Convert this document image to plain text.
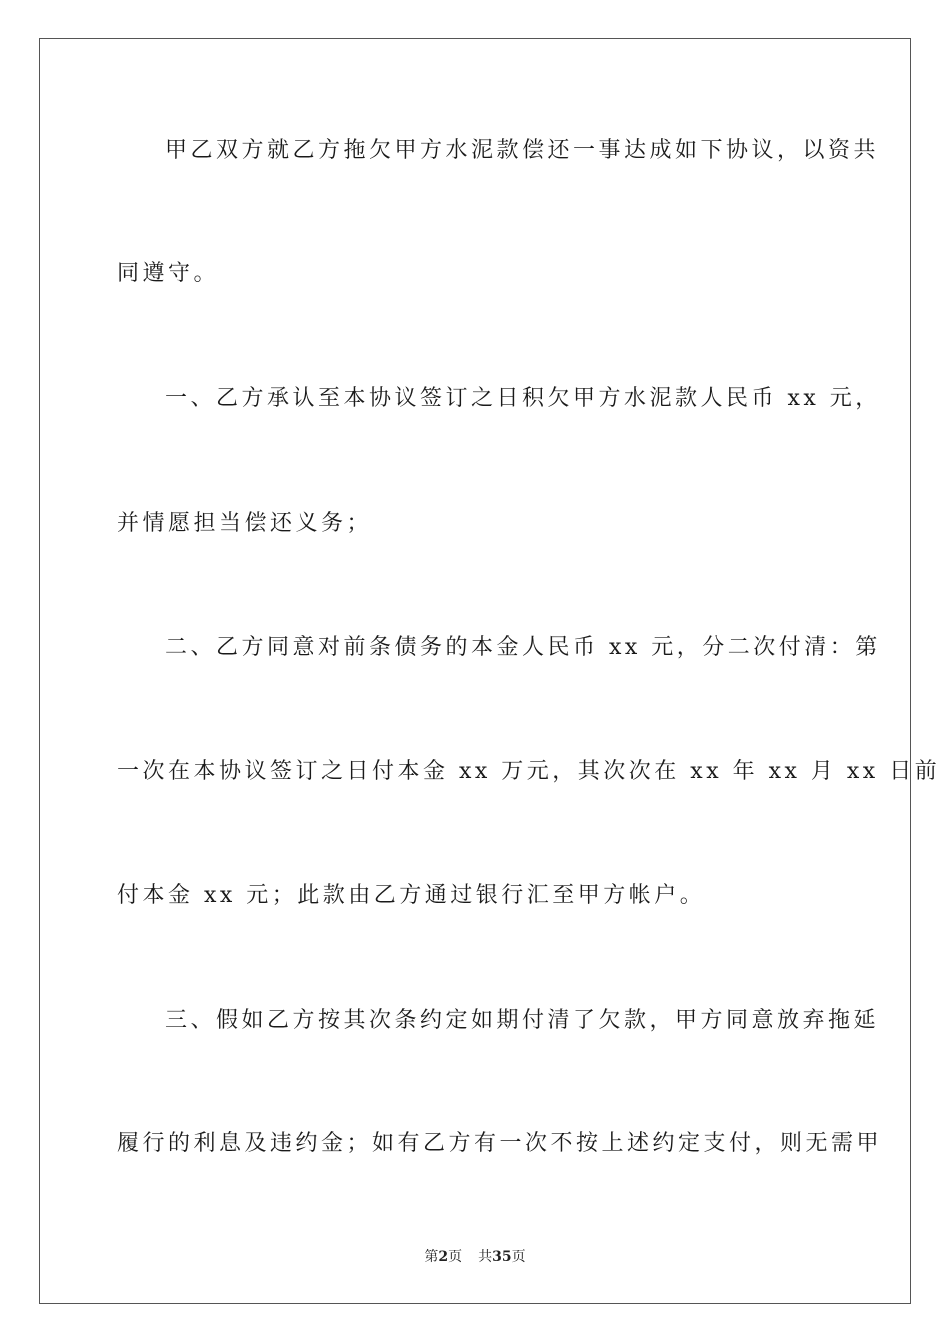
甲乙双方就乙方拖欠甲方水泥款偿还一事达成如下协议，以资共

同遵守。

一、乙方承认至本协议签订之日积欠甲方水泥款人民币 xx 元，

并情愿担当偿还义务；

二、乙方同意对前条债务的本金人民币 xx 元，分二次付清：第

一次在本协议签订之日付本金 xx 万元，其次次在 xx 年 xx 月 xx 日前

付本金 xx 元；此款由乙方通过银行汇至甲方帐户。

三、假如乙方按其次条约定如期付清了欠款，甲方同意放弃拖延

履行的利息及违约金；如有乙方有一次不按上述约定支付，则无需甲

第2页 共35页
